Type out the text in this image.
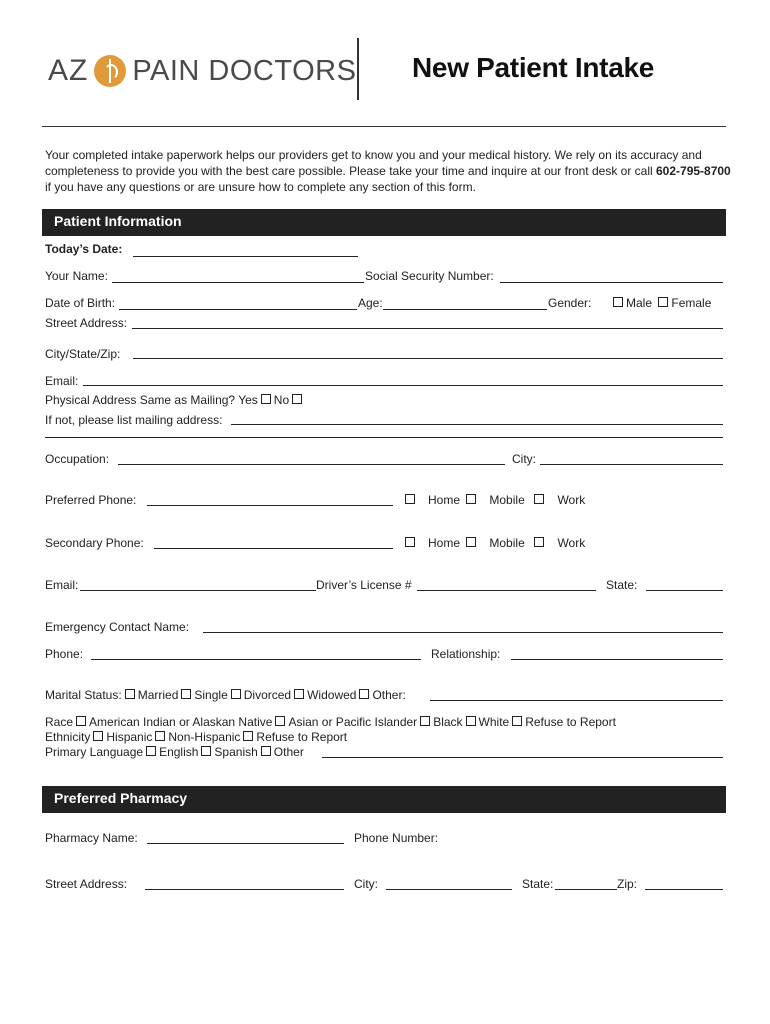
AZ PAIN DOCTORS New Patient Intake
Your completed intake paperwork helps our providers get to know you and your medical history. We rely on its accuracy and completeness to provide you with the best care possible. Please take your time and inquire at our front desk or call 602-795-8700 if you have any questions or are unsure how to complete any section of this form.
Patient Information
Today’s Date:
Your Name:	Social Security Number:
Date of Birth:	Age:	Gender:	Male Female
Street Address:
City/State/Zip:
Email:
Physical Address Same as Mailing? Yes No
If not, please list mailing address:
Occupation:	City:
Preferred Phone:	Home Mobile	Work
Secondary Phone:	Home Mobile	Work
Email:	Driver’s License #	State:
Emergency Contact Name:
Phone:	Relationship:
Marital Status: Married Single Divorced Widowed Other:
Race American Indian or Alaskan Native Asian or Pacific Islander Black White Refuse to Report
Ethnicity Hispanic Non-Hispanic Refuse to Report
Primary Language English Spanish Other
Preferred Pharmacy
Pharmacy Name:	Phone Number:
Street Address:	City:	State:	Zip:
